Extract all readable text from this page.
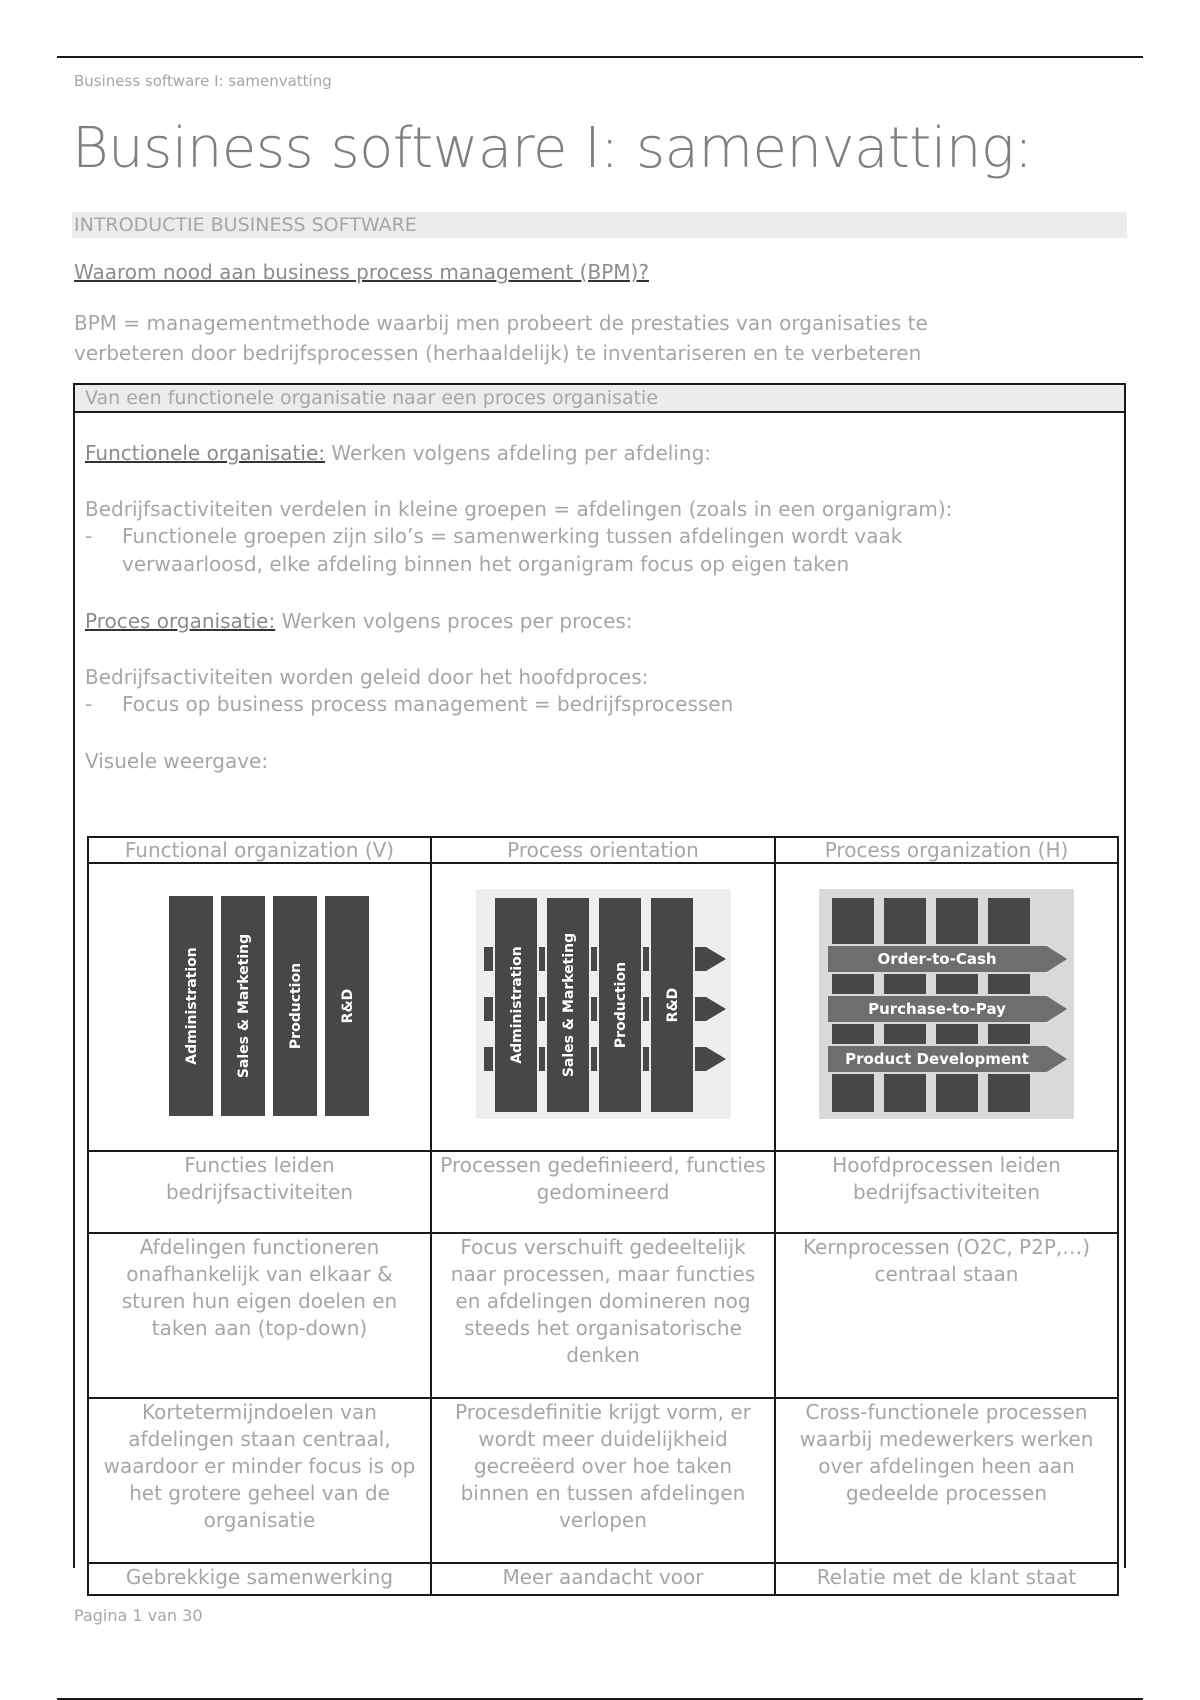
Business software I: samenvatting
Business software I: samenvatting:
INTRODUCTIE BUSINESS SOFTWARE
Waarom nood aan business process management (BPM)?
BPM = managementmethode waarbij men probeert de prestaties van organisaties te
verbeteren door bedrijfsprocessen (herhaaldelijk) te inventariseren en te verbeteren
Van een functionele organisatie naar een proces organisatie
Functionele organisatie: Werken volgens afdeling per afdeling:
Bedrijfsactiviteiten verdelen in kleine groepen = afdelingen (zoals in een organigram):
- Functionele groepen zijn silo’s = samenwerking tussen afdelingen wordt vaak
verwaarloosd, elke afdeling binnen het organigram focus op eigen taken
Proces organisatie: Werken volgens proces per proces:
Bedrijfsactiviteiten worden geleid door het hoofdproces:
- Focus op business process management = bedrijfsprocessen
Visuele weergave:
Functional organization (V)	Process orientation	Process organization (H)

Administration Sales & Marketing Production R&D	Administration Sales & Marketing Production R&D	Order-to-Cash
Purchase-to-Pay
Product Development

Functies leiden bedrijfsactiviteiten	Processen gedefinieerd, functies gedomineerd	Hoofdprocessen leiden bedrijfsactiviteiten
Afdelingen functioneren onafhankelijk van elkaar & sturen hun eigen doelen en taken aan (top-down)	Focus verschuift gedeeltelijk naar processen, maar functies en afdelingen domineren nog steeds het organisatorische denken	Kernprocessen (O2C, P2P,…) centraal staan
Kortetermijndoelen van afdelingen staan centraal, waardoor er minder focus is op het grotere geheel van de organisatie	Procesdefinitie krijgt vorm, er wordt meer duidelijkheid gecreëerd over hoe taken binnen en tussen afdelingen verlopen	Cross-functionele processen waarbij medewerkers werken over afdelingen heen aan gedeelde processen
Gebrekkige samenwerking	Meer aandacht voor	Relatie met de klant staat
Pagina 1 van 30
